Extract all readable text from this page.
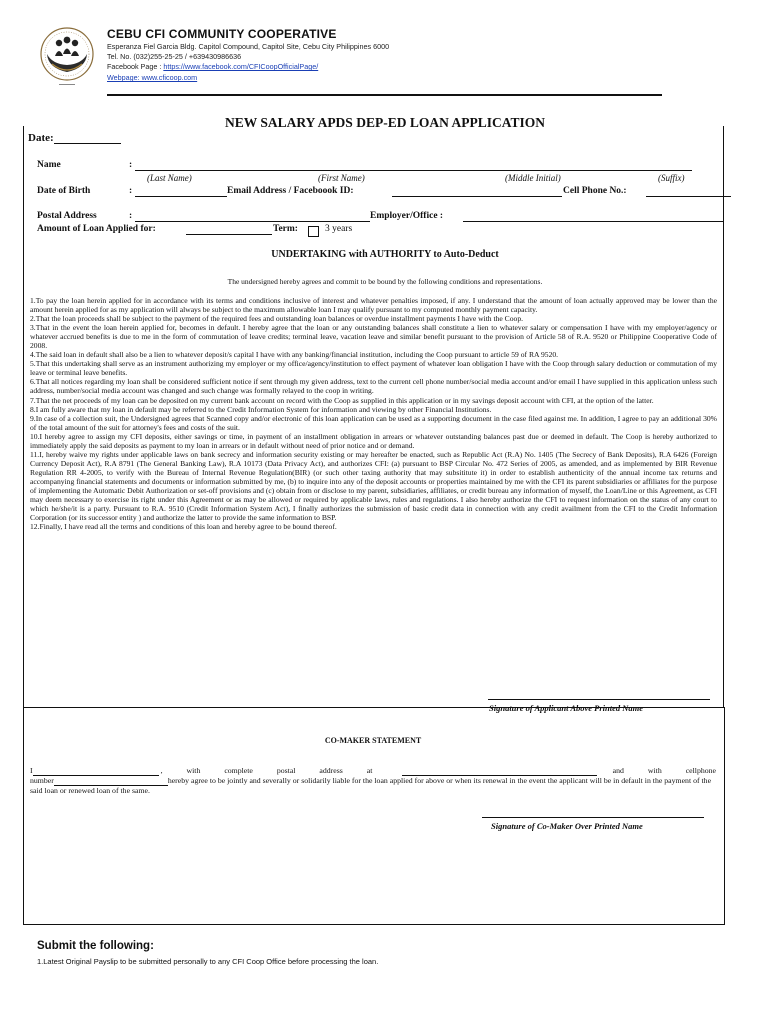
CEBU CFI COMMUNITY COOPERATIVE
Esperanza Fiel Garcia Bldg. Capitol Compound, Capitol Site, Cebu City Philippines 6000
Tel. No. (032)255-25-25 / +639430986636
Facebook Page : https://www.facebook.com/CFICoopOfficialPage/
Webpage: www.cficoop.com
NEW SALARY APDS DEP-ED LOAN APPLICATION
Date:
Name	:
(Last Name)	(First Name)	(Middle Initial)	(Suffix)
Date of Birth	:	Email Address / Faceboook ID:	Cell Phone No.:
Postal Address	:	Employer/Office :
Amount of Loan Applied for:	Term:	3 years
UNDERTAKING with AUTHORITY to Auto-Deduct
The undersigned hereby agrees and commit to be bound by the following conditions and representations.

1.To pay the loan herein applied for in accordance with its terms and conditions inclusive of interest and whatever penalties imposed, if any. I understand that the amount of loan actually approved may be lower than the amount herein applied for as my application will always be subject to the maximum allowable loan I may qualify pursuant to my computed monthly payment capacity.

2.That the loan proceeds shall be subject to the payment of the required fees and outstanding loan balances or overdue installment payments I have with the Coop.

3.That in the event the loan herein applied for, becomes in default. I hereby agree that the loan or any outstanding balances shall constitute a lien to whatever salary or compensation I have with my employer/agency or whatever accrued benefits is due to me in the form of commutation of leave credits; terminal leave, vacation leave and similar benefit pursuant to the provision of Article 58 of R.A. 9520 or Philippine Cooperative Code of 2008.

4.The said loan in default shall also be a lien to whatever deposit/s capital I have with any banking/financial institution, including the Coop pursuant to article 59 of RA 9520.

5.That this undertaking shall serve as an instrument authorizing my employer or my office/agency/institution to effect payment of whatever loan obligation I have with the Coop through salary deduction or commutation of my leave or terminal leave benefits.

6.That all notices regarding my loan shall be considered sufficient notice if sent through my given address, text to the current cell phone number/social media account and/or email I have supplied in this application unless such address, number/social media account was changed and such change was formally relayed to the coop in writing.

7.That the net proceeds of my loan can be deposited on my current bank account on record with the Coop as supplied in this application or in my savings deposit account with CFI, at the option of the latter.

8.I am fully aware that my loan in default may be referred to the Credit Information System for information and viewing by other Financial Institutions.

9.In case of a collection suit, the Undersigned agrees that Scanned copy and/or electronic of this loan application can be used as a supporting document in the case filed against me. In addition, I agree to pay an additional 30% of the total amount of the suit for attorney's fees and costs of the suit.

10.I hereby agree to assign my CFI deposits, either savings or time, in payment of an installment obligation in arrears or whatever outstanding balances past due or deemed in default. The Coop is hereby authorized to immediately apply the said deposits as payment to my loan in arrears or in default without need of prior notice and or demand.

11.I, hereby waive my rights under applicable laws on bank secrecy and information security existing or may hereafter be enacted, such as Republic Act (R.A) No. 1405 (The Secrecy of Bank Deposits), R.A 6426 (Foreign Currency Deposit Act), R.A 8791 (The General Banking Law), R.A 10173 (Data Privacy Act), and authorizes CFI: (a) pursuant to BSP Circular No. 472 Series of 2005, as amended, and as implemented by BIR Revenue Regulation RR 4-2005, to verify with the Bureau of Internal Revenue Regulation(BIR) (or such other taxing authority that may subsititute it) in order to establish authenticity of the annual income tax returns and accompanying financial statements and documents or information submitted by me, (b) to inquire into any of the deposit accounts or properties maintained by me with the CFI its parent subsidiaries or affiliates for the purpose of implementing the Automatic Debit Authorization or set-off provisions and (c) obtain from or disclose to my parent, subsidiaries, affiliates, or credit bureau any information of myself, the Loan/Line or this Agreement, as CFI may deem necessary to exercise its right under this Agreement or as may be allowed or required by applicable laws, rules and regulations. I also hereby authorize the CFI to request information on the status of any court to which he/she/it is a party. Pursuant to R.A. 9510 (Credit Information System Act), I finally authorizes the submission of basic credit data in connection with any credit availment from the CFI to the Credit Information Corporation (or its successor entity ) and authorize the latter to provide the same information to BSP.

12.Finally, I have read all the terms and conditions of this loan and hereby agree to be bound thereof.

Signature of Applicant Above Printed Name
CO-MAKER STATEMENT
I	, with complete postal address at	and with cellphone
number	hereby agree to be jointly and severally or solidarily liable for the loan applied for above or when its renewal in the event the applicant will be in default in the payment of the said loan or renewed loan of the same.
Signature of Co-Maker Over Printed Name
Submit the following:
1.Latest Original Payslip to be submitted personally to any CFI Coop Office before processing the loan.
